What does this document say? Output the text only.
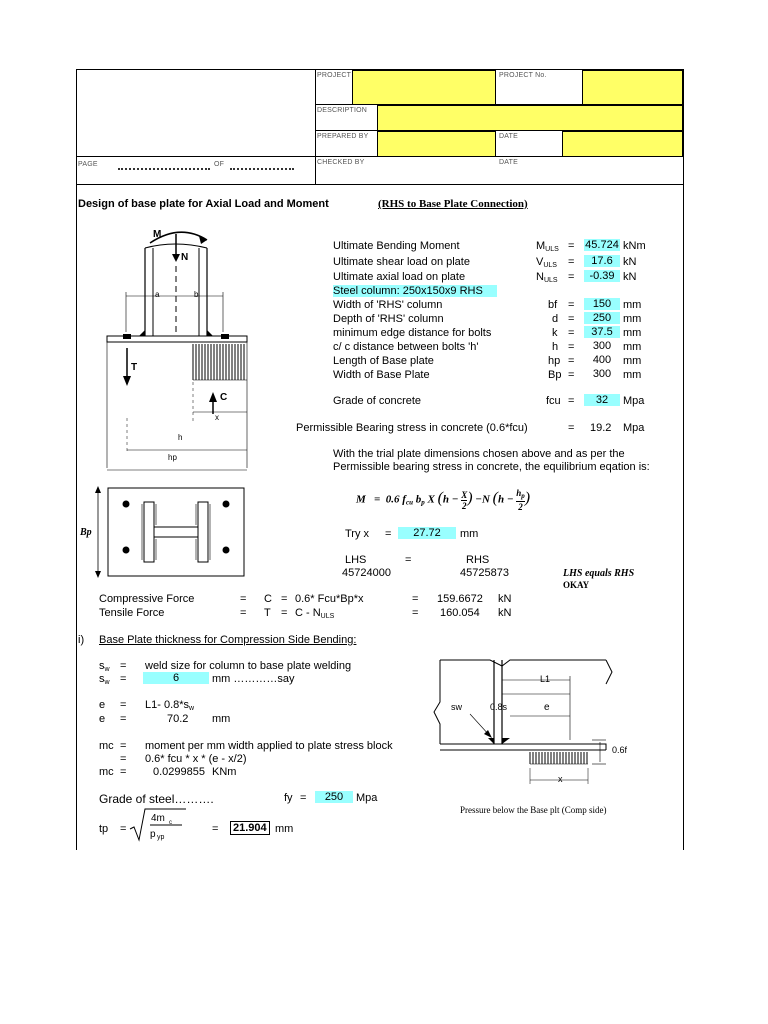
PROJECT	PROJECT No.
DESCRIPTION
PREPARED BY	DATE
CHECKED BY	DATE
PAGE	OF
Design of base plate for Axial Load and Moment	(RHS to Base Plate Connection)
M
N
a	b
T
C
x
h
hp
Bp
Ultimate Bending Moment	$M_{ULS} = 45.724$ kNm
Ultimate shear load on plate	$V_{ULS}$ =	17.6 kN
Ultimate axial load on plate	$N_{ULS}$ =	-0.39 kN
Steel column: 250x150x9 RHS
Width of 'RHS' column	bf =	150	mm
Depth of 'RHS' column	d =	250	mm
minimum edge distance for bolts	k =	37.5 mm
c/ c distance between bolts 'h'	h =	300	mm
Length of Base plate	hp =	400	mm
Width of Base Plate	Bp =	300	mm
Grade of concrete	fcu =	32	Mpa
Permissible Bearing stress in concrete (0.6*fcu)	= 19.2 Mpa
With the trial plate dimensions chosen above and as per the
Permissible bearing stress in concrete, the equilibrium eqation is:
M   =  0.6 $f_{cu}$ $b_p$ X $(h - \frac{X}{2}) -N$ $(h - \frac{h_p}{2})$
Try x =	27.72	mm
LHS	=	RHS
45724000	45725873	LHS equals RHS
OKAY
Compressive Force	= C = 0.6* Fcu*Bp*x	= 159.6672 kN
Tensile Force	= $T = C - N_{ULS}$	= 160.054 kN
i) Base Plate thickness for Compression Side Bending:
$s_w$ = weld size for column to base plate welding
$s_w$ =	6	mm …………say
e = L1- $0.8*s_w$
e =	70.2 mm
mc = moment per mm width applied to plate stress block
= 0.6* fcu * x * (e - x/2)
mc = 0.0299855 KNm
Grade of steel……….	fy =	250	Mpa
tp =
4m c
p yp
= 21.904 mm
L1
sw	0.8s	e
0.6f
x
Pressure below the Base plt (Comp side)
